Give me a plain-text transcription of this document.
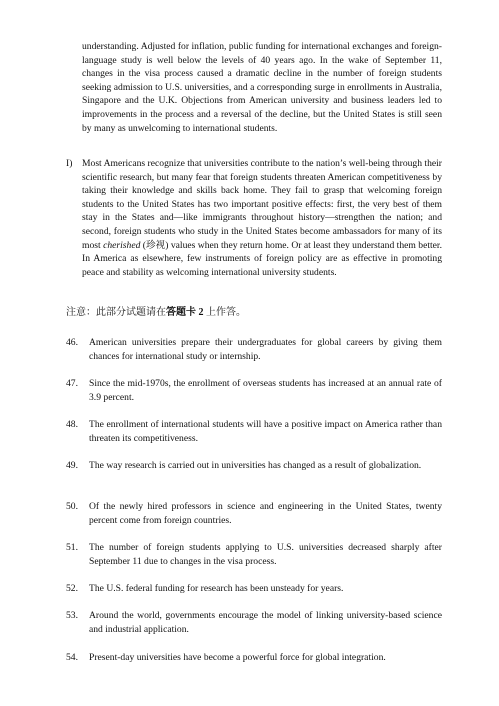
understanding. Adjusted for inflation, public funding for international exchanges and foreign-language study is well below the levels of 40 years ago. In the wake of September 11, changes in the visa process caused a dramatic decline in the number of foreign students seeking admission to U.S. universities, and a corresponding surge in enrollments in Australia, Singapore and the U.K. Objections from American university and business leaders led to improvements in the process and a reversal of the decline, but the United States is still seen by many as unwelcoming to international students.

I) Most Americans recognize that universities contribute to the nation’s well-being through their scientific research, but many fear that foreign students threaten American competitiveness by taking their knowledge and skills back home. They fail to grasp that welcoming foreign students to the United States has two important positive effects: first, the very best of them stay in the States and—like immigrants throughout history—strengthen the nation; and second, foreign students who study in the United States become ambassadors for many of its most cherished (珍视) values when they return home. Or at least they understand them better. In America as elsewhere, few instruments of foreign policy are as effective in promoting peace and stability as welcoming international university students.
注意：此部分试题请在答题卡 2 上作答。
46. American universities prepare their undergraduates for global careers by giving them chances for international study or internship.
47. Since the mid-1970s, the enrollment of overseas students has increased at an annual rate of 3.9 percent.
48. The enrollment of international students will have a positive impact on America rather than threaten its competitiveness.
49. The way research is carried out in universities has changed as a result of globalization.
50. Of the newly hired professors in science and engineering in the United States, twenty percent come from foreign countries.
51. The number of foreign students applying to U.S. universities decreased sharply after September 11 due to changes in the visa process.
52. The U.S. federal funding for research has been unsteady for years.
53. Around the world, governments encourage the model of linking university-based science and industrial application.
54. Present-day universities have become a powerful force for global integration.
